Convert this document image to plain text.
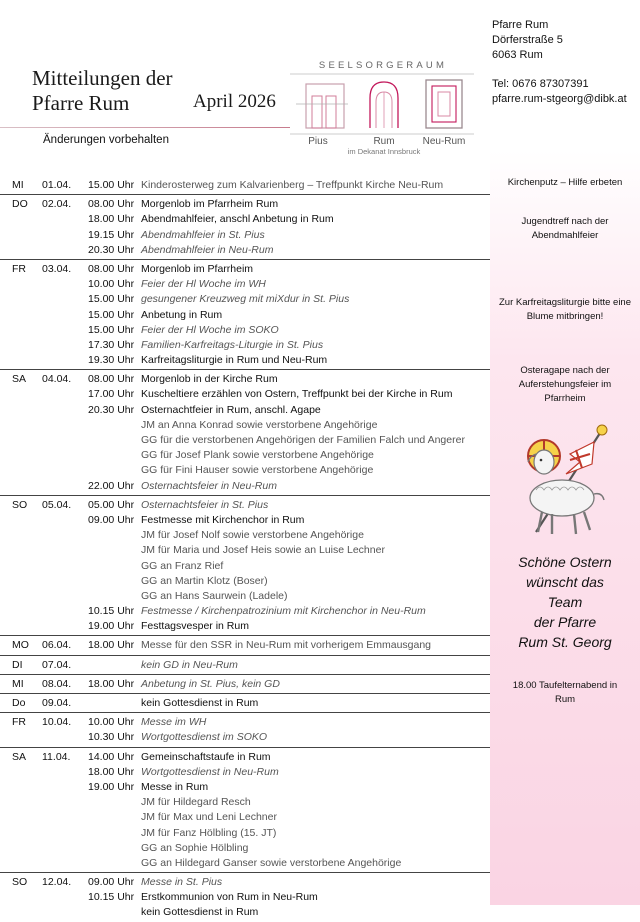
Mitteilungen der
Pfarre Rum	April 2026
Änderungen vorbehalten
SEELSORGERAUM
Pius	Rum	Neu-Rum
im Dekanat Innsbruck
Pfarre Rum
Dörferstraße 5
6063 Rum
Tel: 0676 87307391
pfarre.rum-stgeorg@dibk.at
Kirchenputz – Hilfe erbeten
Jugendtreff nach der Abendmahlfeier
Zur Karfreitagsliturgie bitte eine Blume mitbringen!
Osteragape nach der Auferstehungsfeier im Pfarrheim
Schöne Ostern
wünscht das
Team
der Pfarre
Rum St. Georg
18.00 Taufelternabend in Rum
MI 01.04. 15.00 Uhr Kinderosterweg zum Kalvarienberg – Treffpunkt Kirche Neu-Rum
DO 02.04. 08.00 Uhr Morgenlob im Pfarrheim Rum
18.00 Uhr Abendmahlfeier, anschl Anbetung in Rum
19.15 Uhr Abendmahlfeier in St. Pius
20.30 Uhr Abendmahlfeier in Neu-Rum
FR 03.04. 08.00 Uhr Morgenlob im Pfarrheim
10.00 Uhr Feier der Hl Woche im WH
15.00 Uhr gesungener Kreuzweg mit miXdur in St. Pius
15.00 Uhr Anbetung in Rum
15.00 Uhr Feier der Hl Woche im SOKO
17.30 Uhr Familien-Karfreitags-Liturgie in St. Pius
19.30 Uhr Karfreitagsliturgie in Rum und Neu-Rum
SA 04.04. 08.00 Uhr Morgenlob in der Kirche Rum
17.00 Uhr Kuscheltiere erzählen von Ostern, Treffpunkt bei der Kirche in Rum
20.30 Uhr Osternachtfeier in Rum, anschl. Agape
JM an Anna Konrad sowie verstorbene Angehörige
GG für die verstorbenen Angehörigen der Familien Falch und Angerer
GG für Josef Plank sowie verstorbene Angehörige
GG für Fini Hauser sowie verstorbene Angehörige
22.00 Uhr Osternachtsfeier in Neu-Rum
SO 05.04. 05.00 Uhr Osternachtsfeier in St. Pius
09.00 Uhr Festmesse mit Kirchenchor in Rum
JM für Josef Nolf sowie verstorbene Angehörige
JM für Maria und Josef Heis sowie an Luise Lechner
GG an Franz Rief
GG an Martin Klotz (Boser)
GG an Hans Saurwein (Ladele)
10.15 Uhr Festmesse / Kirchenpatrozinium mit Kirchenchor in Neu-Rum
19.00 Uhr Festtagsvesper in Rum
MO 06.04. 18.00 Uhr Messe für den SSR in Neu-Rum mit vorherigem Emmausgang
DI 07.04.	kein GD in Neu-Rum
MI 08.04. 18.00 Uhr Anbetung in St. Pius, kein GD
Do 09.04.	kein Gottesdienst in Rum
FR 10.04. 10.00 Uhr Messe im WH
10.30 Uhr Wortgottesdienst im SOKO
SA 11.04. 14.00 Uhr Gemeinschaftstaufe in Rum
18.00 Uhr Wortgottesdienst in Neu-Rum
19.00 Uhr Messe in Rum
JM für Hildegard Resch
JM für Max und Leni Lechner
JM für Fanz Hölbling (15. JT)
GG an Sophie Hölbling
GG an Hildegard Ganser sowie verstorbene Angehörige
SO 12.04. 09.00 Uhr Messe in St. Pius
10.15 Uhr Erstkommunion von Rum in Neu-Rum
kein Gottesdienst in Rum
